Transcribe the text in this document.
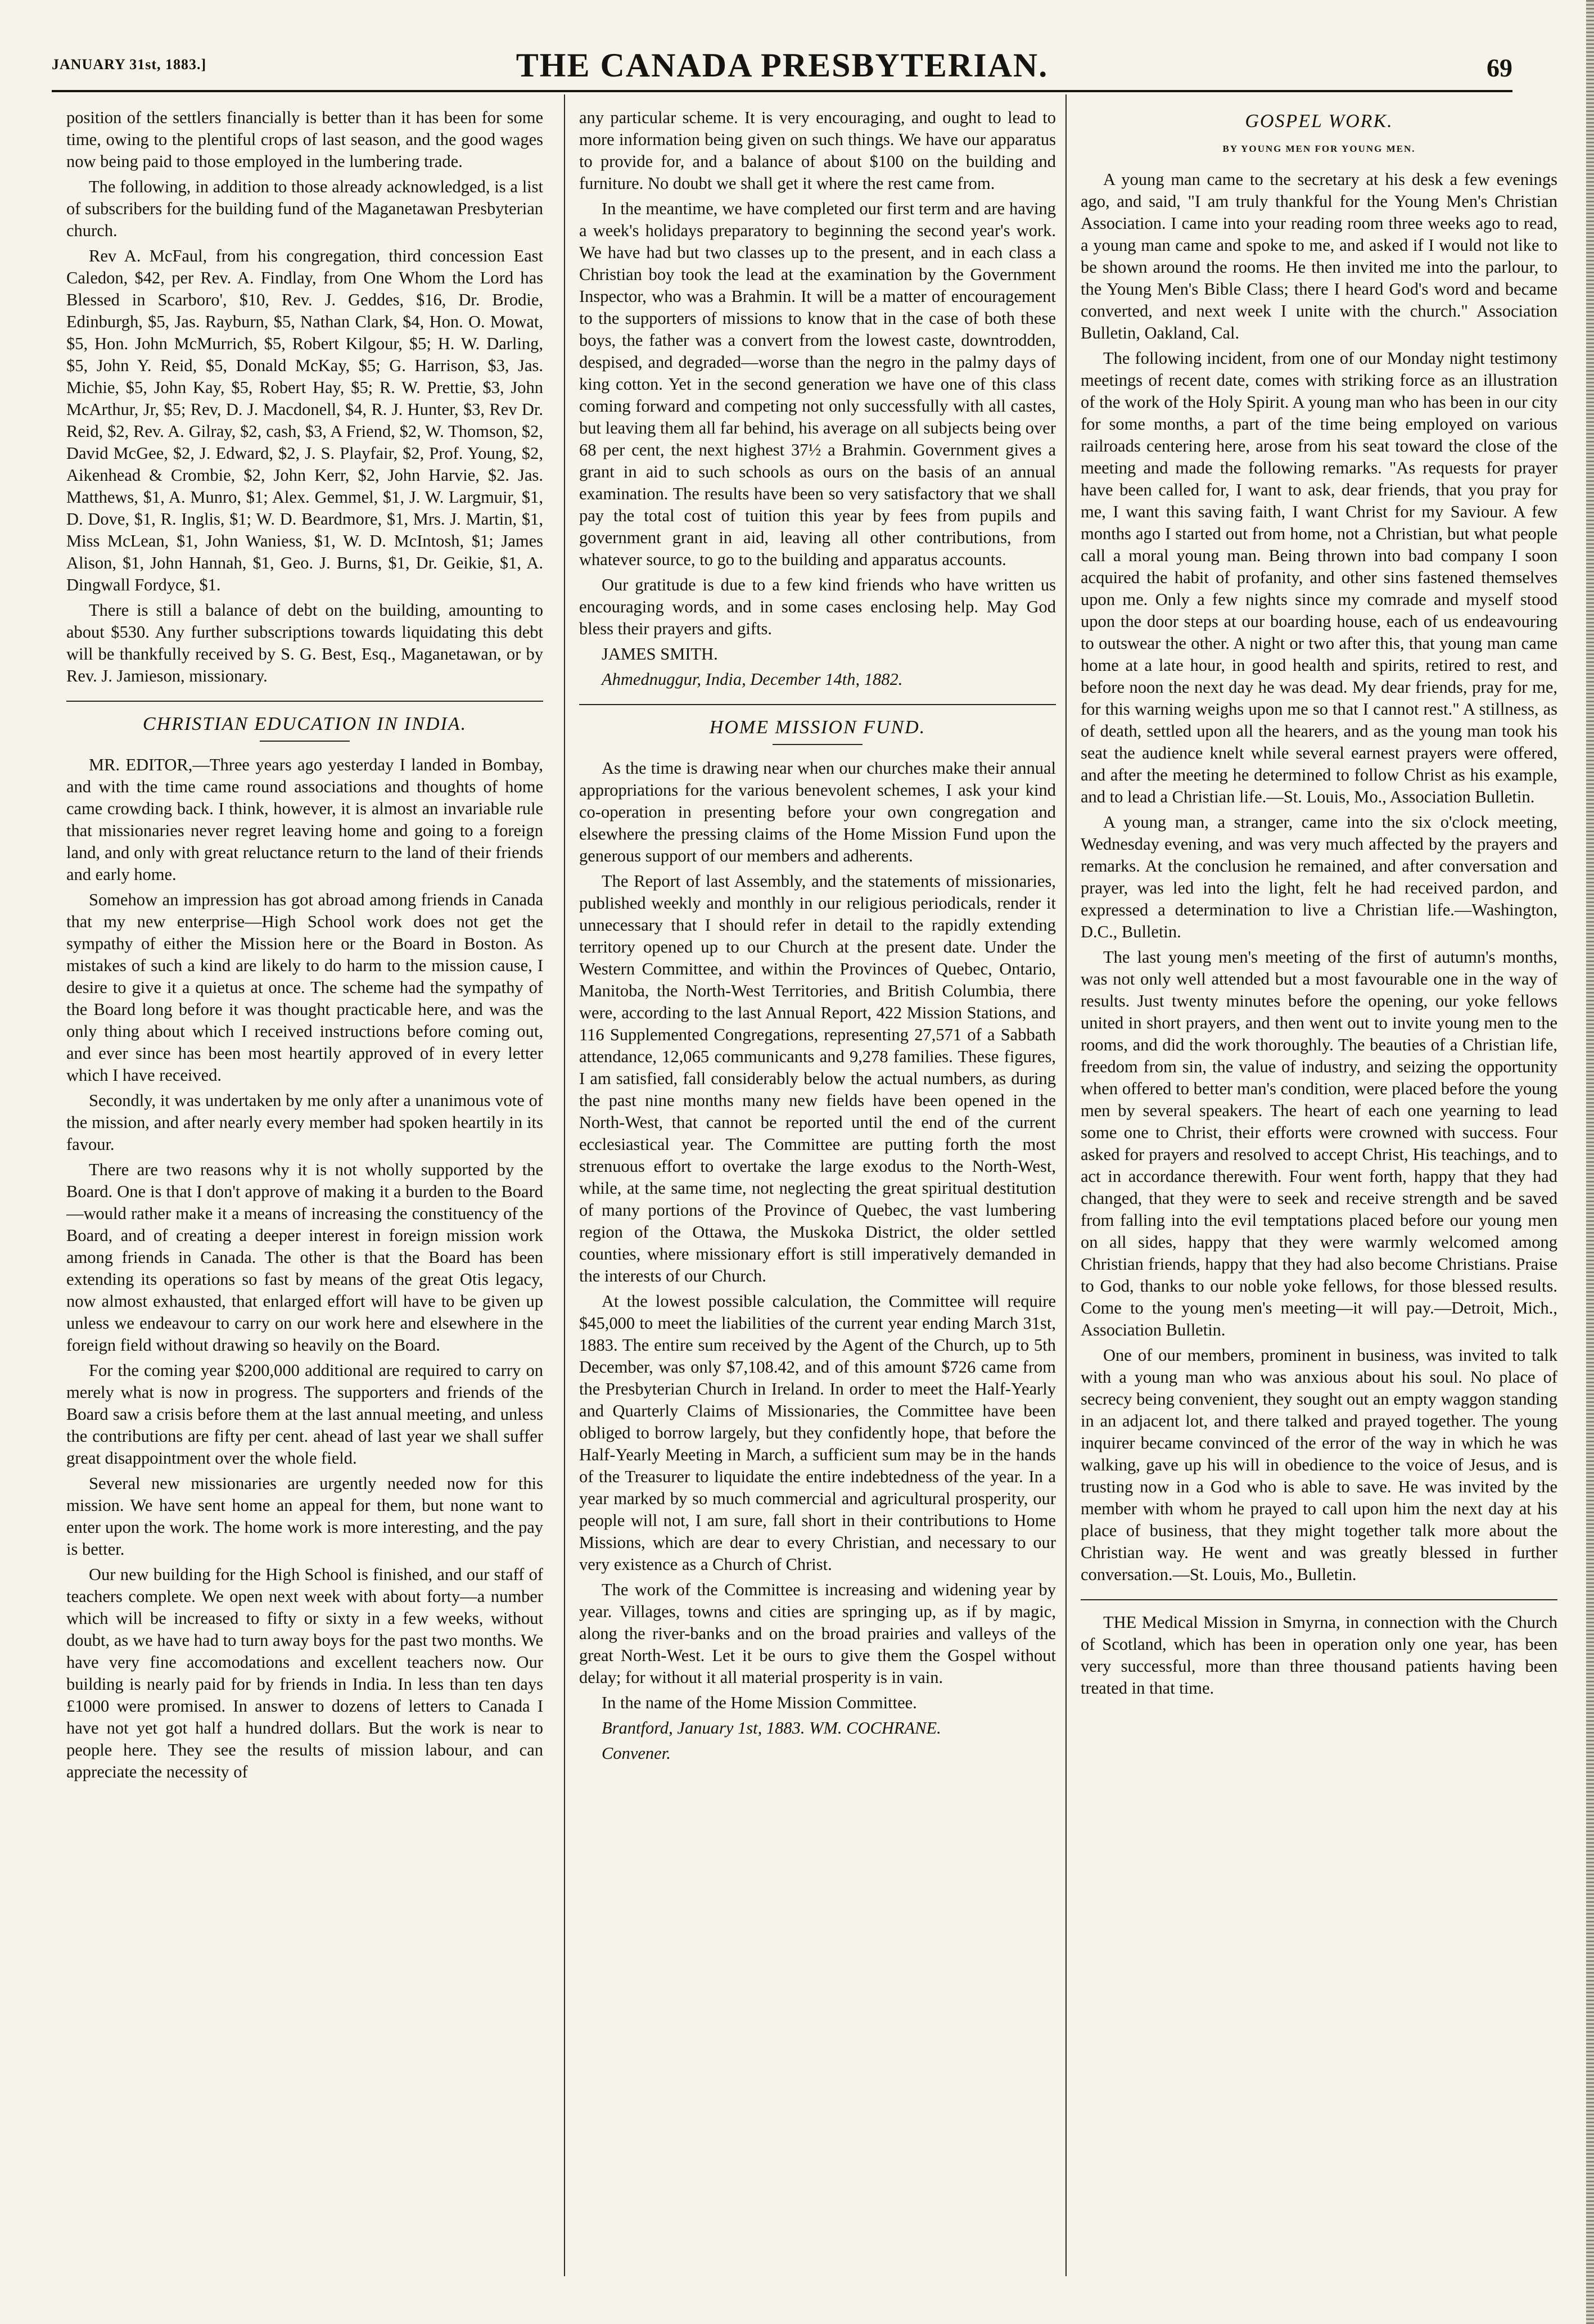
JANUARY 31st, 1883.]	THE CANADA PRESBYTERIAN.	69

position of the settlers financially is better than it has been for some time, owing to the plentiful crops of last season, and the good wages now being paid to those employed in the lumbering trade.

The following, in addition to those already acknowledged, is a list of subscribers for the building fund of the Maganetawan Presbyterian church.

Rev A. McFaul, from his congregation, third concession East Caledon, $42, per Rev. A. Findlay, from One Whom the Lord has Blessed in Scarboro', $10, Rev. J. Geddes, $16, Dr. Brodie, Edinburgh, $5, Jas. Rayburn, $5, Nathan Clark, $4, Hon. O. Mowat, $5, Hon. John McMurrich, $5, Robert Kilgour, $5; H. W. Darling, $5, John Y. Reid, $5, Donald McKay, $5; G. Harrison, $3, Jas. Michie, $5, John Kay, $5, Robert Hay, $5; R. W. Prettie, $3, John McArthur, Jr, $5; Rev, D. J. Macdonell, $4, R. J. Hunter, $3, Rev Dr. Reid, $2, Rev. A. Gilray, $2, cash, $3, A Friend, $2, W. Thomson, $2, David McGee, $2, J. Edward, $2, J. S. Playfair, $2, Prof. Young, $2, Aikenhead & Crombie, $2, John Kerr, $2, John Harvie, $2. Jas. Matthews, $1, A. Munro, $1; Alex. Gemmel, $1, J. W. Largmuir, $1, D. Dove, $1, R. Inglis, $1; W. D. Beardmore, $1, Mrs. J. Martin, $1, Miss McLean, $1, John Waniess, $1, W. D. McIntosh, $1; James Alison, $1, John Hannah, $1, Geo. J. Burns, $1, Dr. Geikie, $1, A. Dingwall Fordyce, $1.

There is still a balance of debt on the building, amounting to about $530. Any further subscriptions towards liquidating this debt will be thankfully received by S. G. Best, Esq., Maganetawan, or by Rev. J. Jamieson, missionary.

CHRISTIAN EDUCATION IN INDIA.

MR. EDITOR,—Three years ago yesterday I landed in Bombay, and with the time came round associations and thoughts of home came crowding back. I think, however, it is almost an invariable rule that missionaries never regret leaving home and going to a foreign land, and only with great reluctance return to the land of their friends and early home.

Somehow an impression has got abroad among friends in Canada that my new enterprise—High School work does not get the sympathy of either the Mission here or the Board in Boston. As mistakes of such a kind are likely to do harm to the mission cause, I desire to give it a quietus at once. The scheme had the sympathy of the Board long before it was thought practicable here, and was the only thing about which I received instructions before coming out, and ever since has been most heartily approved of in every letter which I have received.

Secondly, it was undertaken by me only after a unanimous vote of the mission, and after nearly every member had spoken heartily in its favour.

There are two reasons why it is not wholly supported by the Board. One is that I don't approve of making it a burden to the Board—would rather make it a means of increasing the constituency of the Board, and of creating a deeper interest in foreign mission work among friends in Canada. The other is that the Board has been extending its operations so fast by means of the great Otis legacy, now almost exhausted, that enlarged effort will have to be given up unless we endeavour to carry on our work here and elsewhere in the foreign field without drawing so heavily on the Board.

For the coming year $200,000 additional are required to carry on merely what is now in progress. The supporters and friends of the Board saw a crisis before them at the last annual meeting, and unless the contributions are fifty per cent. ahead of last year we shall suffer great disappointment over the whole field.

Several new missionaries are urgently needed now for this mission. We have sent home an appeal for them, but none want to enter upon the work. The home work is more interesting, and the pay is better.

Our new building for the High School is finished, and our staff of teachers complete. We open next week with about forty—a number which will be increased to fifty or sixty in a few weeks, without doubt, as we have had to turn away boys for the past two months. We have very fine accomodations and excellent teachers now. Our building is nearly paid for by friends in India. In less than ten days £1000 were promised. In answer to dozens of letters to Canada I have not yet got half a hundred dollars. But the work is near to people here. They see the results of mission labour, and can appreciate the necessity of

any particular scheme. It is very encouraging, and ought to lead to more information being given on such things. We have our apparatus to provide for, and a balance of about $100 on the building and furniture. No doubt we shall get it where the rest came from.

In the meantime, we have completed our first term and are having a week's holidays preparatory to beginning the second year's work. We have had but two classes up to the present, and in each class a Christian boy took the lead at the examination by the Government Inspector, who was a Brahmin. It will be a matter of encouragement to the supporters of missions to know that in the case of both these boys, the father was a convert from the lowest caste, downtrodden, despised, and degraded—worse than the negro in the palmy days of king cotton. Yet in the second generation we have one of this class coming forward and competing not only successfully with all castes, but leaving them all far behind, his average on all subjects being over 68 per cent, the next highest 37½ a Brahmin. Government gives a grant in aid to such schools as ours on the basis of an annual examination. The results have been so very satisfactory that we shall pay the total cost of tuition this year by fees from pupils and government grant in aid, leaving all other contributions, from whatever source, to go to the building and apparatus accounts.

Our gratitude is due to a few kind friends who have written us encouraging words, and in some cases enclosing help. May God bless their prayers and gifts.

JAMES SMITH.

Ahmednuggur, India, December 14th, 1882.

HOME MISSION FUND.

As the time is drawing near when our churches make their annual appropriations for the various benevolent schemes, I ask your kind co-operation in presenting before your own congregation and elsewhere the pressing claims of the Home Mission Fund upon the generous support of our members and adherents.

The Report of last Assembly, and the statements of missionaries, published weekly and monthly in our religious periodicals, render it unnecessary that I should refer in detail to the rapidly extending territory opened up to our Church at the present date. Under the Western Committee, and within the Provinces of Quebec, Ontario, Manitoba, the North-West Territories, and British Columbia, there were, according to the last Annual Report, 422 Mission Stations, and 116 Supplemented Congregations, representing 27,571 of a Sabbath attendance, 12,065 communicants and 9,278 families. These figures, I am satisfied, fall considerably below the actual numbers, as during the past nine months many new fields have been opened in the North-West, that cannot be reported until the end of the current ecclesiastical year. The Committee are putting forth the most strenuous effort to overtake the large exodus to the North-West, while, at the same time, not neglecting the great spiritual destitution of many portions of the Province of Quebec, the vast lumbering region of the Ottawa, the Muskoka District, the older settled counties, where missionary effort is still imperatively demanded in the interests of our Church.

At the lowest possible calculation, the Committee will require $45,000 to meet the liabilities of the current year ending March 31st, 1883. The entire sum received by the Agent of the Church, up to 5th December, was only $7,108.42, and of this amount $726 came from the Presbyterian Church in Ireland. In order to meet the Half-Yearly and Quarterly Claims of Missionaries, the Committee have been obliged to borrow largely, but they confidently hope, that before the Half-Yearly Meeting in March, a sufficient sum may be in the hands of the Treasurer to liquidate the entire indebtedness of the year. In a year marked by so much commercial and agricultural prosperity, our people will not, I am sure, fall short in their contributions to Home Missions, which are dear to every Christian, and necessary to our very existence as a Church of Christ.

The work of the Committee is increasing and widening year by year. Villages, towns and cities are springing up, as if by magic, along the river-banks and on the broad prairies and valleys of the great North-West. Let it be ours to give them the Gospel without delay; for without it all material prosperity is in vain.

In the name of the Home Mission Committee.

Brantford, January 1st, 1883. WM. COCHRANE.

Convener.

GOSPEL WORK.
BY YOUNG MEN FOR YOUNG MEN.

A young man came to the secretary at his desk a few evenings ago, and said, "I am truly thankful for the Young Men's Christian Association. I came into your reading room three weeks ago to read, a young man came and spoke to me, and asked if I would not like to be shown around the rooms. He then invited me into the parlour, to the Young Men's Bible Class; there I heard God's word and became converted, and next week I unite with the church." Association Bulletin, Oakland, Cal.

The following incident, from one of our Monday night testimony meetings of recent date, comes with striking force as an illustration of the work of the Holy Spirit. A young man who has been in our city for some months, a part of the time being employed on various railroads centering here, arose from his seat toward the close of the meeting and made the following remarks. "As requests for prayer have been called for, I want to ask, dear friends, that you pray for me, I want this saving faith, I want Christ for my Saviour. A few months ago I started out from home, not a Christian, but what people call a moral young man. Being thrown into bad company I soon acquired the habit of profanity, and other sins fastened themselves upon me. Only a few nights since my comrade and myself stood upon the door steps at our boarding house, each of us endeavouring to outswear the other. A night or two after this, that young man came home at a late hour, in good health and spirits, retired to rest, and before noon the next day he was dead. My dear friends, pray for me, for this warning weighs upon me so that I cannot rest." A stillness, as of death, settled upon all the hearers, and as the young man took his seat the audience knelt while several earnest prayers were offered, and after the meeting he determined to follow Christ as his example, and to lead a Christian life.—St. Louis, Mo., Association Bulletin.

A young man, a stranger, came into the six o'clock meeting, Wednesday evening, and was very much affected by the prayers and remarks. At the conclusion he remained, and after conversation and prayer, was led into the light, felt he had received pardon, and expressed a determination to live a Christian life.—Washington, D.C., Bulletin.

The last young men's meeting of the first of autumn's months, was not only well attended but a most favourable one in the way of results. Just twenty minutes before the opening, our yoke fellows united in short prayers, and then went out to invite young men to the rooms, and did the work thoroughly. The beauties of a Christian life, freedom from sin, the value of industry, and seizing the opportunity when offered to better man's condition, were placed before the young men by several speakers. The heart of each one yearning to lead some one to Christ, their efforts were crowned with success. Four asked for prayers and resolved to accept Christ, His teachings, and to act in accordance therewith. Four went forth, happy that they had changed, that they were to seek and receive strength and be saved from falling into the evil temptations placed before our young men on all sides, happy that they were warmly welcomed among Christian friends, happy that they had also become Christians. Praise to God, thanks to our noble yoke fellows, for those blessed results. Come to the young men's meeting—it will pay.—Detroit, Mich., Association Bulletin.

One of our members, prominent in business, was invited to talk with a young man who was anxious about his soul. No place of secrecy being convenient, they sought out an empty waggon standing in an adjacent lot, and there talked and prayed together. The young inquirer became convinced of the error of the way in which he was walking, gave up his will in obedience to the voice of Jesus, and is trusting now in a God who is able to save. He was invited by the member with whom he prayed to call upon him the next day at his place of business, that they might together talk more about the Christian way. He went and was greatly blessed in further conversation.—St. Louis, Mo., Bulletin.

THE Medical Mission in Smyrna, in connection with the Church of Scotland, which has been in operation only one year, has been very successful, more than three thousand patients having been treated in that time.
